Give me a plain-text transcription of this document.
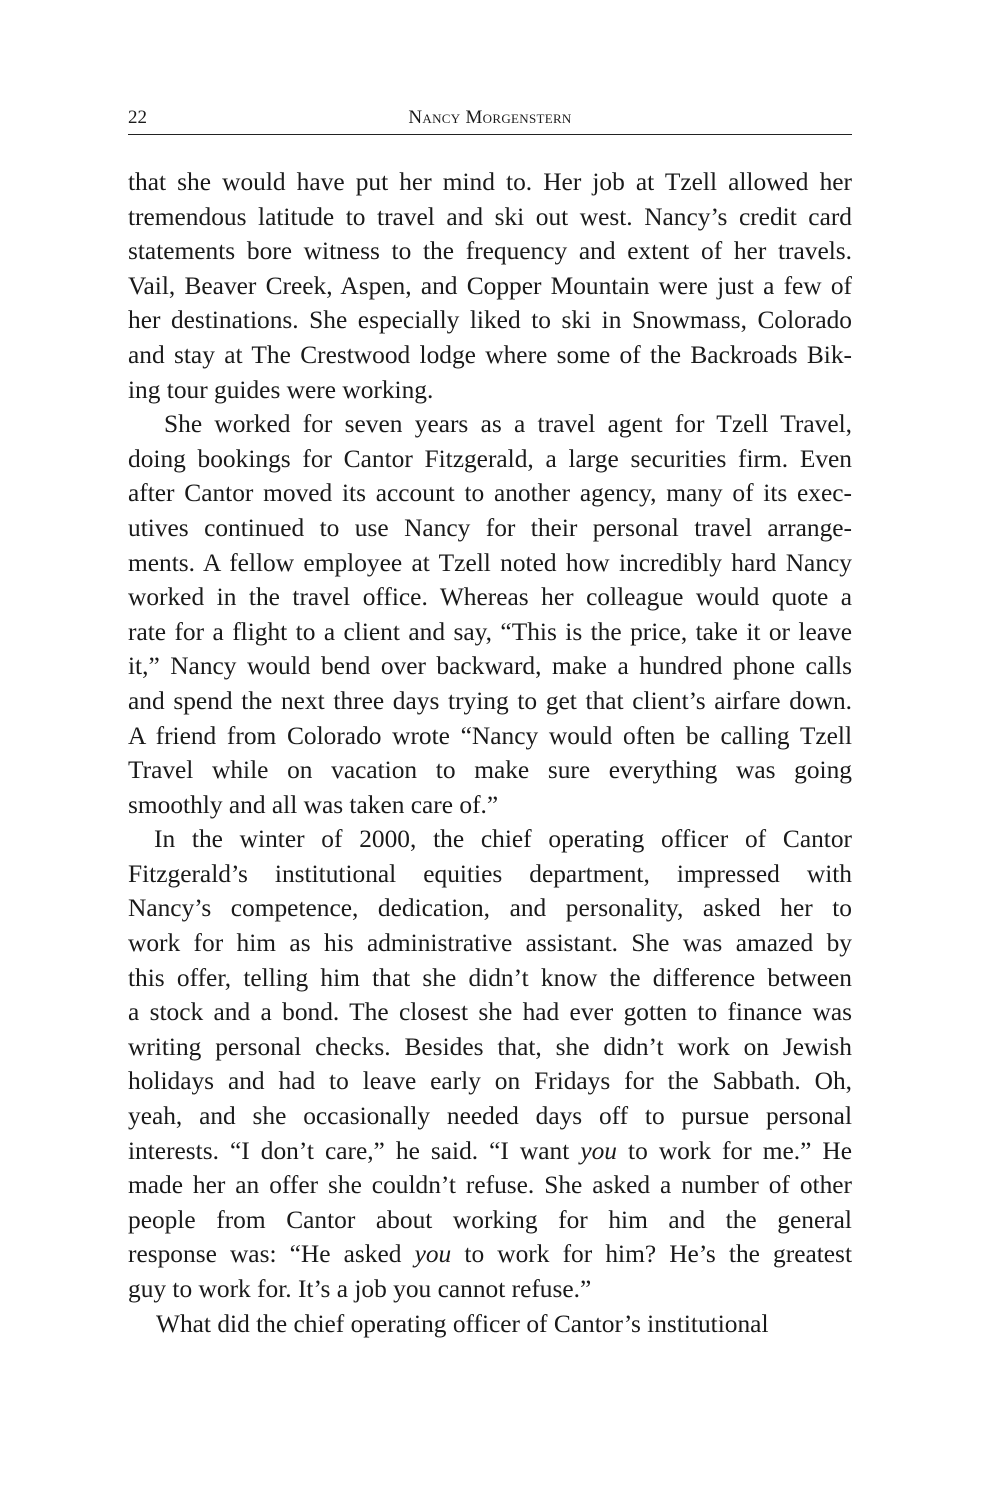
22	Nancy Morgenstern
that she would have put her mind to. Her job at Tzell allowed her
tremendous latitude to travel and ski out west. Nancy’s credit card
statements bore witness to the frequency and extent of her travels.
Vail, Beaver Creek, Aspen, and Copper Mountain were just a few of
her destinations. She especially liked to ski in Snowmass, Colorado
and stay at The Crestwood lodge where some of the Backroads Bik-
ing tour guides were working.
She worked for seven years as a travel agent for Tzell Travel,
doing bookings for Cantor Fitzgerald, a large securities firm. Even
after Cantor moved its account to another agency, many of its exec-
utives continued to use Nancy for their personal travel arrange-
ments. A fellow employee at Tzell noted how incredibly hard Nancy
worked in the travel office. Whereas her colleague would quote a
rate for a flight to a client and say, “This is the price, take it or leave
it,” Nancy would bend over backward, make a hundred phone calls
and spend the next three days trying to get that client’s airfare down.
A friend from Colorado wrote “Nancy would often be calling Tzell
Travel while on vacation to make sure everything was going
smoothly and all was taken care of.”
In the winter of 2000, the chief operating officer of Cantor
Fitzgerald’s institutional equities department, impressed with
Nancy’s competence, dedication, and personality, asked her to
work for him as his administrative assistant. She was amazed by
this offer, telling him that she didn’t know the difference between
a stock and a bond. The closest she had ever gotten to finance was
writing personal checks. Besides that, she didn’t work on Jewish
holidays and had to leave early on Fridays for the Sabbath. Oh,
yeah, and she occasionally needed days off to pursue personal
interests. “I don’t care,” he said. “I want you to work for me.” He
made her an offer she couldn’t refuse. She asked a number of other
people from Cantor about working for him and the general
response was: “He asked you to work for him? He’s the greatest
guy to work for. It’s a job you cannot refuse.”
What did the chief operating officer of Cantor’s institutional
